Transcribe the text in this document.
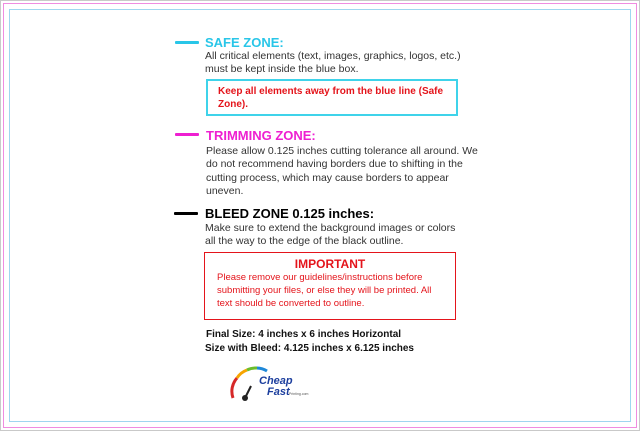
SAFE ZONE:
All critical elements (text, images, graphics, logos, etc.) must be kept inside the blue box.
Keep all elements away from the blue line (Safe Zone).
TRIMMING ZONE:
Please allow 0.125 inches cutting tolerance all around. We do not recommend having borders due to shifting in the cutting process, which may cause borders to appear uneven.
BLEED ZONE 0.125 inches:
Make sure to extend the background images or colors all the way to the edge of the black outline.
IMPORTANT
Please remove our guidelines/instructions before submitting your files, or else they will be printed. All text should be converted to outline.
Final Size: 4 inches x 6 inches Horizontal
Size with Bleed: 4.125 inches x 6.125 inches
Cheap
Fast Printing.com
